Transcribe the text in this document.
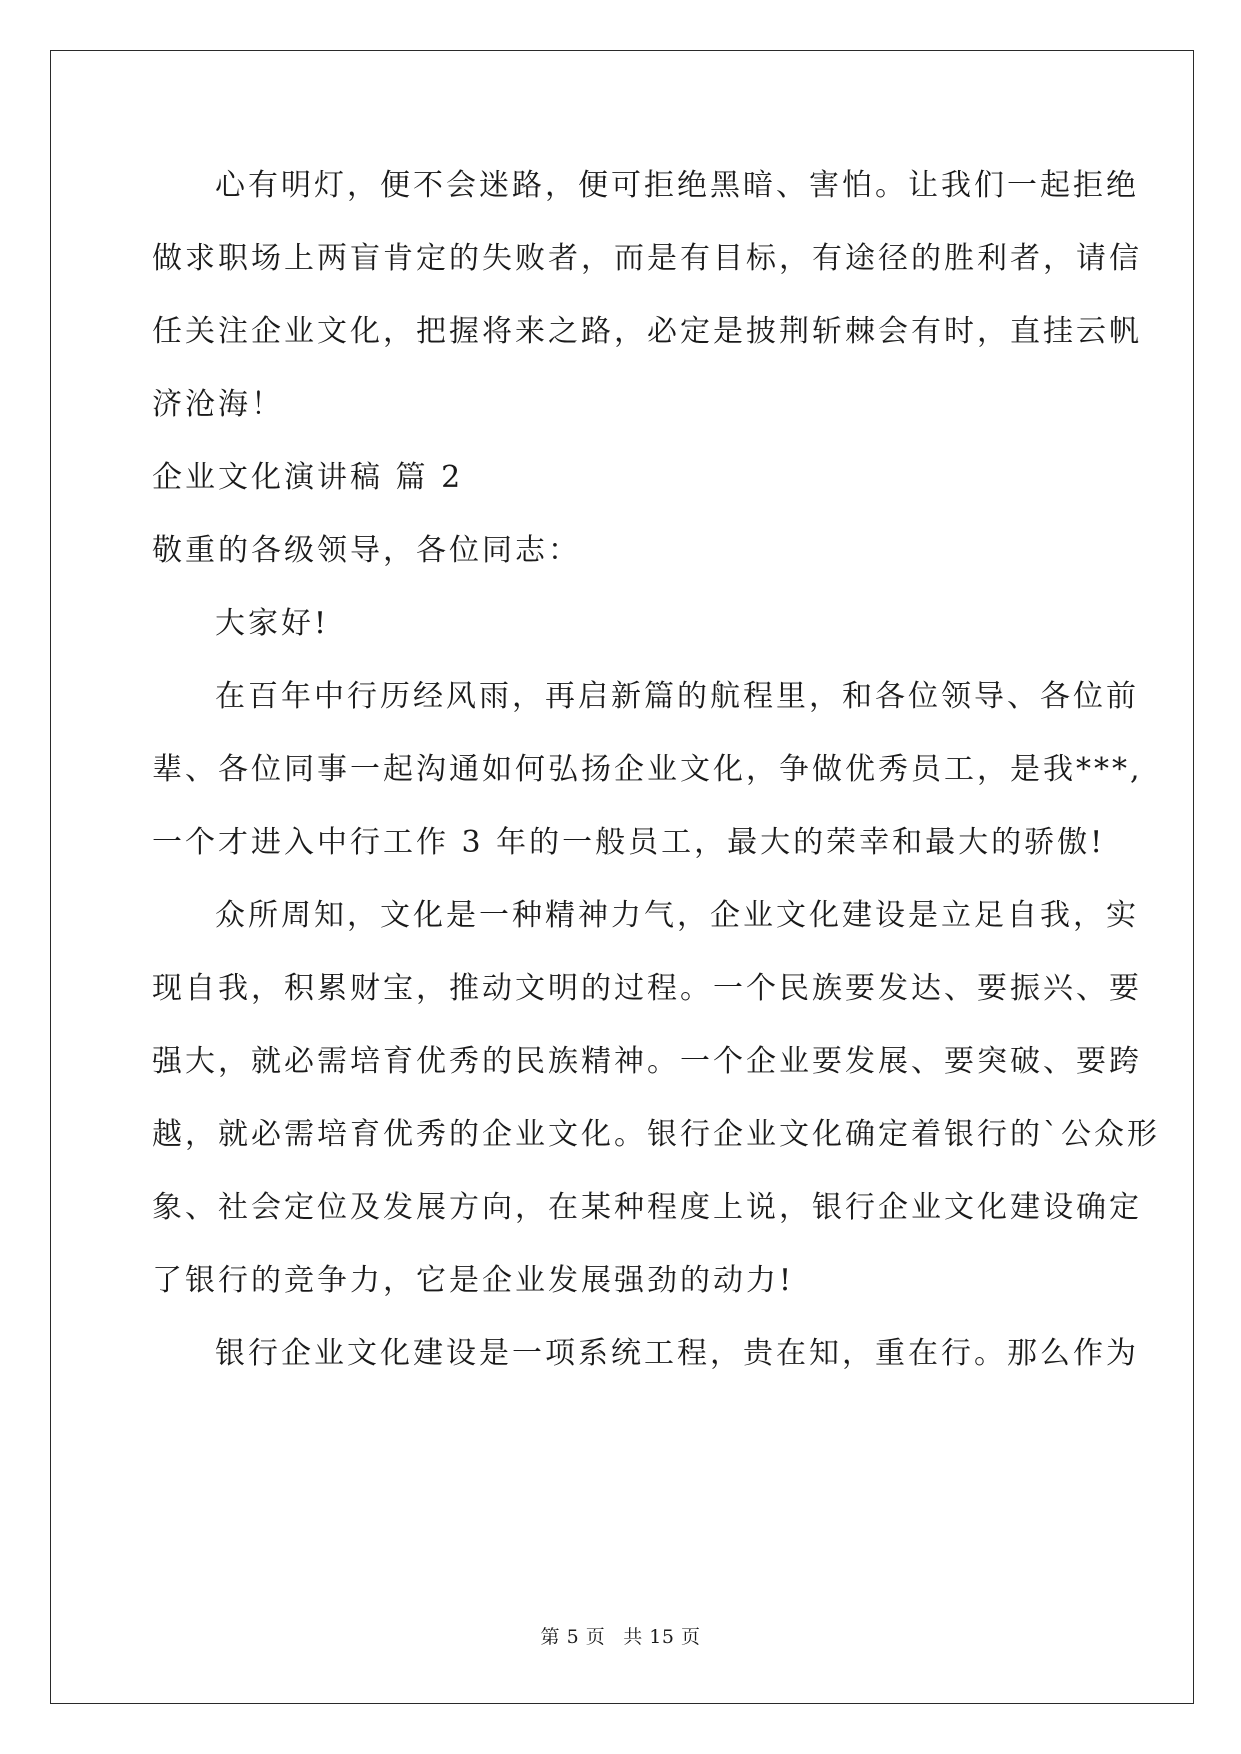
心有明灯，便不会迷路，便可拒绝黑暗、害怕。让我们一起拒绝
做求职场上两盲肯定的失败者，而是有目标，有途径的胜利者，请信
任关注企业文化，把握将来之路，必定是披荆斩棘会有时，直挂云帆
济沧海！
企业文化演讲稿 篇 2
敬重的各级领导，各位同志：
大家好!
在百年中行历经风雨，再启新篇的航程里，和各位领导、各位前
辈、各位同事一起沟通如何弘扬企业文化，争做优秀员工，是我***,
一个才进入中行工作 3 年的一般员工，最大的荣幸和最大的骄傲!
众所周知，文化是一种精神力气，企业文化建设是立足自我，实
现自我，积累财宝，推动文明的过程。一个民族要发达、要振兴、要
强大，就必需培育优秀的民族精神。一个企业要发展、要突破、要跨
越，就必需培育优秀的企业文化。银行企业文化确定着银行的`公众形
象、社会定位及发展方向，在某种程度上说，银行企业文化建设确定
了银行的竞争力，它是企业发展强劲的动力!
银行企业文化建设是一项系统工程，贵在知，重在行。那么作为
第 5 页 共 15 页
